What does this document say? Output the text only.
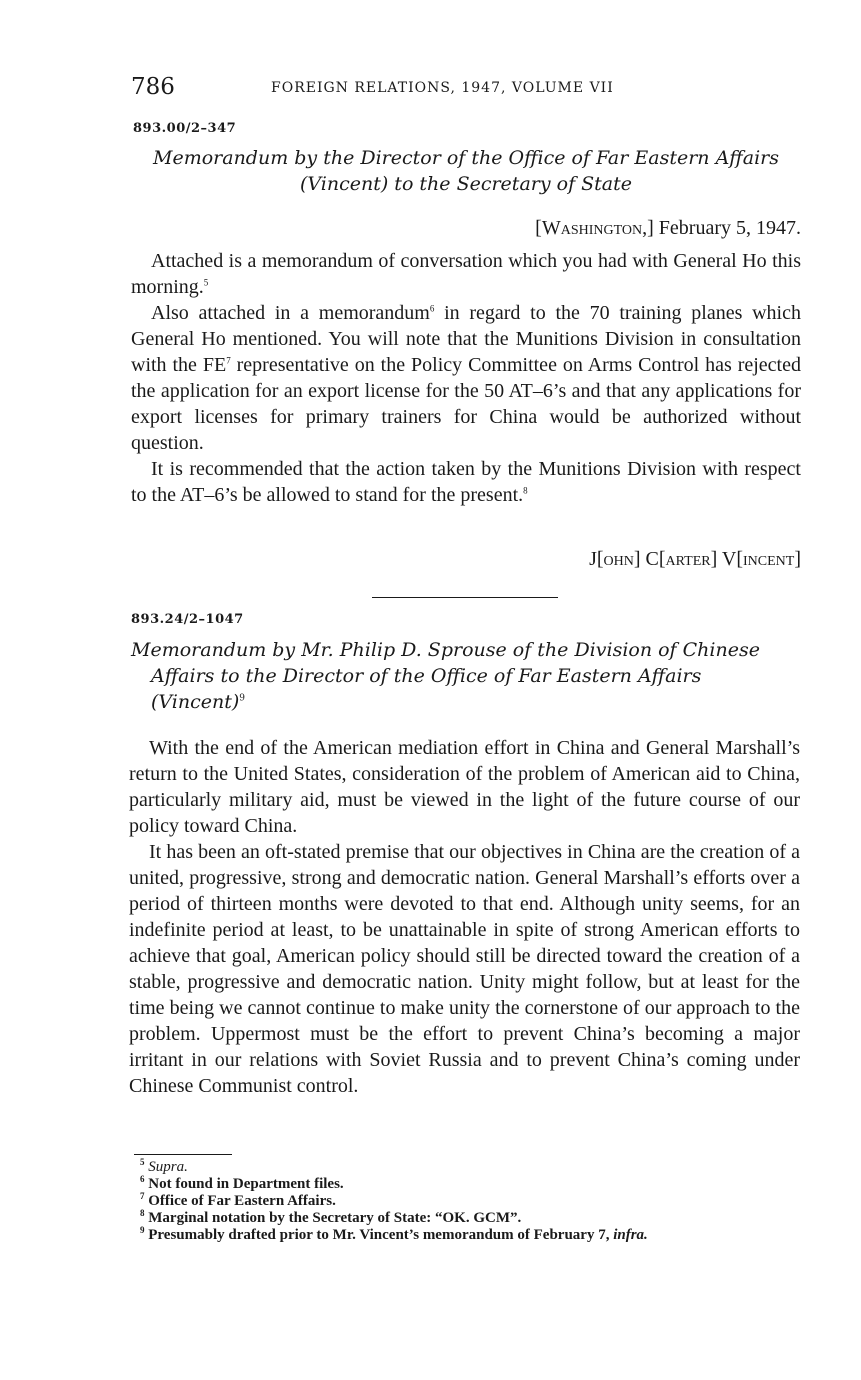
786	FOREIGN RELATIONS, 1947, VOLUME VII
893.00/2–347
Memorandum by the Director of the Office of Far Eastern Affairs
(Vincent) to the Secretary of State
[WASHINGTON,] February 5, 1947.

Attached is a memorandum of conversation which you had with General Ho this morning.$^5$

Also attached in a memorandum$^6$ in regard to the 70 training planes which General Ho mentioned. You will note that the Munitions Division in consultation with the $FE^7$ representative on the Policy Committee on Arms Control has rejected the application for an export license for the 50 AT–6’s and that any applications for export licenses for primary trainers for China would be authorized without question.

It is recommended that the action taken by the Munitions Division with respect to the AT–6’s be allowed to stand for the present.$^8$

J[OHN] C[ARTER] V[INCENT]
893.24/2–1047
Memorandum by Mr. Philip D. Sprouse of the Division of Chinese
Affairs to the Director of the Office of Far Eastern Affairs
(Vincent)$^9$

With the end of the American mediation effort in China and General Marshall’s return to the United States, consideration of the problem of American aid to China, particularly military aid, must be viewed in the light of the future course of our policy toward China.

It has been an oft-stated premise that our objectives in China are the creation of a united, progressive, strong and democratic nation. General Marshall’s efforts over a period of thirteen months were devoted to that end. Although unity seems, for an indefinite period at least, to be unattainable in spite of strong American efforts to achieve that goal, American policy should still be directed toward the creation of a stable, progressive and democratic nation. Unity might follow, but at least for the time being we cannot continue to make unity the cornerstone of our approach to the problem. Uppermost must be the effort to prevent China’s becoming a major irritant in our relations with Soviet Russia and to prevent China’s coming under Chinese Communist control.

$^5$ Supra.
$^6$ Not found in Department files.
$^7$ Office of Far Eastern Affairs.
$^8$ Marginal notation by the Secretary of State: “OK. GCM”.
$^9$ Presumably drafted prior to Mr. Vincent’s memorandum of February 7, infra.
